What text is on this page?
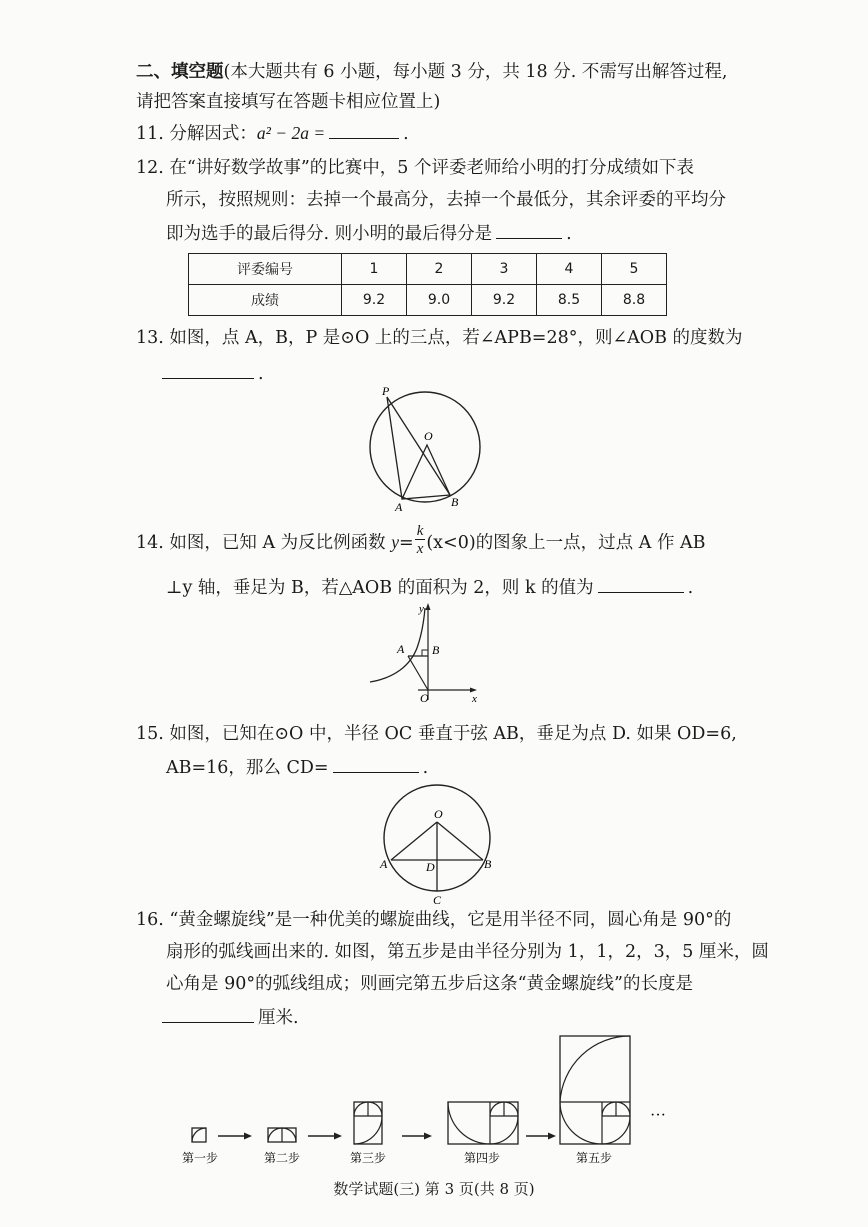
二、填空题(本大题共有 6 小题，每小题 3 分，共 18 分. 不需写出解答过程,
请把答案直接填写在答题卡相应位置上)
11. 分解因式：a² − 2a =	.
12. 在“讲好数学故事”的比赛中，5 个评委老师给小明的打分成绩如下表
所示，按照规则：去掉一个最高分，去掉一个最低分，其余评委的平均分
即为选手的最后得分. 则小明的最后得分是	.
评委编号	1	2	3	4	5
成绩	9.2	9.0	9.2	8.5	8.8
13. 如图，点 A，B，P 是⊙O 上的三点，若∠APB=28°，则∠AOB 的度数为
.
P
O
A	B
14. 如图，已知 A 为反比例函数 $y= \frac{k}{x} (x<0)$的图象上一点，过点 A 作 AB
⊥y 轴，垂足为 B，若△AOB 的面积为 2，则 k 的值为	.
y
x
A B
O
15. 如图，已知在⊙O 中，半径 OC 垂直于弦 AB，垂足为点 D. 如果 OD=6,
AB=16，那么 CD=	.
O
A	B
D
C
16. “黄金螺旋线”是一种优美的螺旋曲线，它是用半径不同，圆心角是 90°的
扇形的弧线画出来的. 如图，第五步是由半径分别为 1，1，2，3，5 厘米，圆
心角是 90°的弧线组成；则画完第五步后这条“黄金螺旋线”的长度是
厘米.
···
第一步	第二步	第三步	第四步	第五步
数学试题(三) 第 3 页(共 8 页)
